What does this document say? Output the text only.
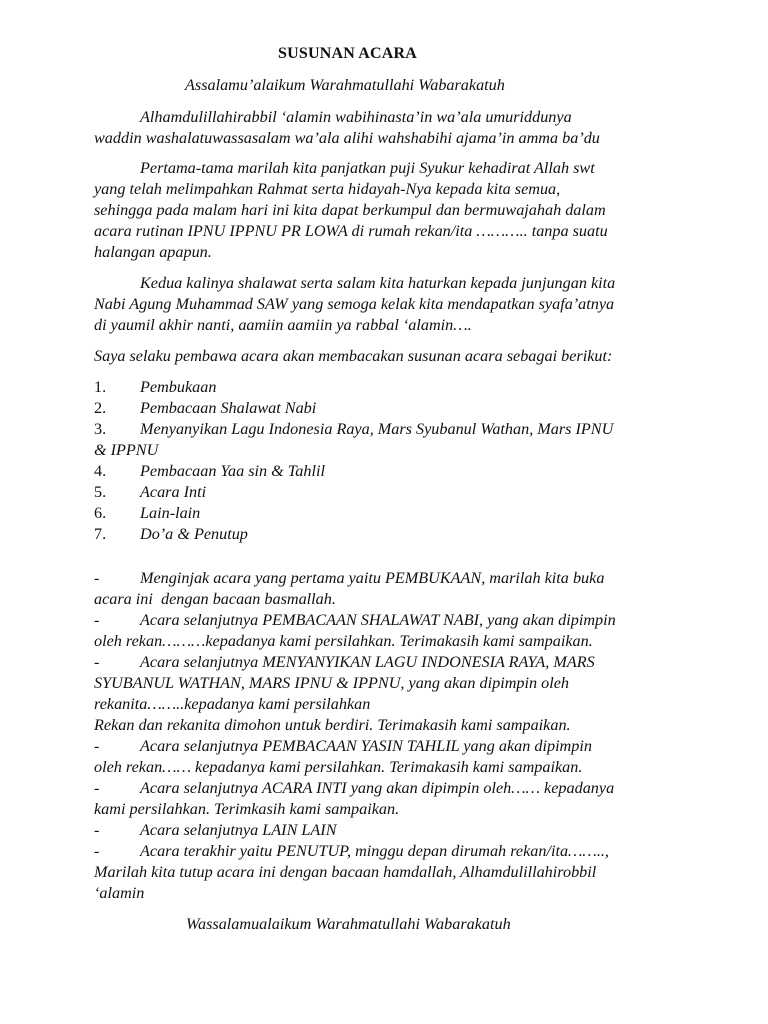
SUSUNAN ACARA
Assalamu’alaikum Warahmatullahi Wabarakatuh
Alhamdulillahirabbil ‘alamin wabihinasta’in wa’ala umuriddunya
waddin washalatuwassasalam wa’ala alihi wahshabihi ajama’in amma ba’du
Pertama-tama marilah kita panjatkan puji Syukur kehadirat Allah swt
yang telah melimpahkan Rahmat serta hidayah-Nya kepada kita semua,
sehingga pada malam hari ini kita dapat berkumpul dan bermuwajahah dalam
acara rutinan IPNU IPPNU PR LOWA di rumah rekan/ita ……….. tanpa suatu
halangan apapun.
Kedua kalinya shalawat serta salam kita haturkan kepada junjungan kita
Nabi Agung Muhammad SAW yang semoga kelak kita mendapatkan syafa’atnya
di yaumil akhir nanti, aamiin aamiin ya rabbal ‘alamin….
Saya selaku pembawa acara akan membacakan susunan acara sebagai berikut:
1. Pembukaan
2. Pembacaan Shalawat Nabi
3. Menyanyikan Lagu Indonesia Raya, Mars Syubanul Wathan, Mars IPNU
& IPPNU
4. Pembacaan Yaa sin & Tahlil
5. Acara Inti
6. Lain-lain
7. Do’a & Penutup
-	Menginjak acara yang pertama yaitu PEMBUKAAN, marilah kita buka
acara ini  dengan bacaan basmallah.
-	Acara selanjutnya PEMBACAAN SHALAWAT NABI, yang akan dipimpin
oleh rekan………kepadanya kami persilahkan. Terimakasih kami sampaikan.
-	Acara selanjutnya MENYANYIKAN LAGU INDONESIA RAYA, MARS
SYUBANUL WATHAN, MARS IPNU & IPPNU, yang akan dipimpin oleh
rekanita……..kepadanya kami persilahkan
Rekan dan rekanita dimohon untuk berdiri. Terimakasih kami sampaikan.
-	Acara selanjutnya PEMBACAAN YASIN TAHLIL yang akan dipimpin
oleh rekan…… kepadanya kami persilahkan. Terimakasih kami sampaikan.
-	Acara selanjutnya ACARA INTI yang akan dipimpin oleh…… kepadanya
kami persilahkan. Terimkasih kami sampaikan.
-	Acara selanjutnya LAIN LAIN
-	Acara terakhir yaitu PENUTUP, minggu depan dirumah rekan/ita……..,
Marilah kita tutup acara ini dengan bacaan hamdallah, Alhamdulillahirobbil
‘alamin
Wassalamualaikum Warahmatullahi Wabarakatuh
